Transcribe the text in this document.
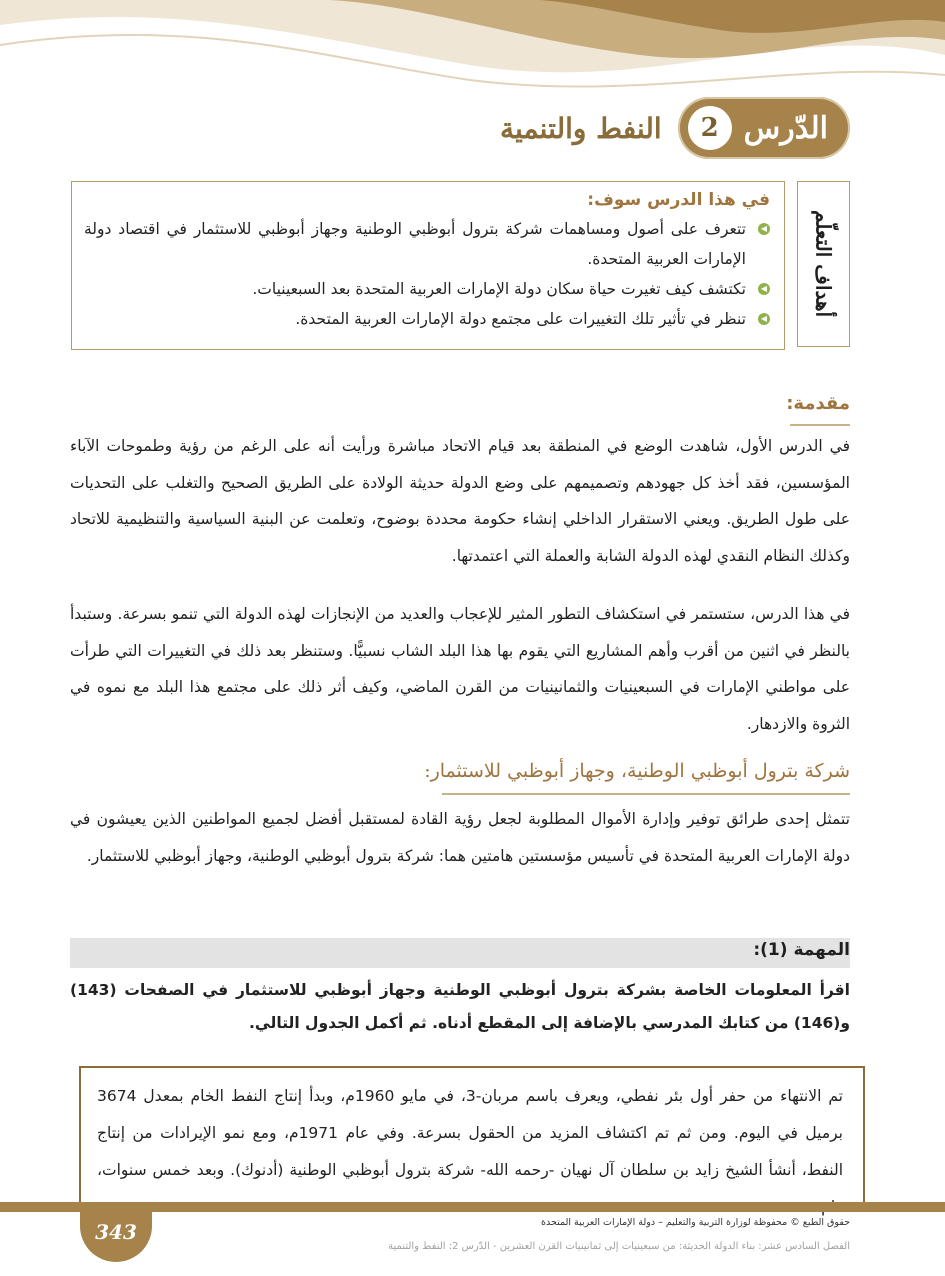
الدّرس
2
النفط والتنمية
أهداف التعلّم
في هذا الدرس سوف:
◀
تتعرف على أصول ومساهمات شركة بترول أبوظبي الوطنية وجهاز أبوظبي للاستثمار في اقتصاد دولة الإمارات العربية المتحدة.
◀
تكتشف كيف تغيرت حياة سكان دولة الإمارات العربية المتحدة بعد السبعينيات.
◀
تنظر في تأثير تلك التغييرات على مجتمع دولة الإمارات العربية المتحدة.
مقدمة:

في الدرس الأول، شاهدت الوضع في المنطقة بعد قيام الاتحاد مباشرة ورأيت أنه على الرغم من رؤية وطموحات الآباء المؤسسين، فقد أخذ كل جهودهم وتصميمهم على وضع الدولة حديثة الولادة على الطريق الصحيح والتغلب على التحديات على طول الطريق. ويعني الاستقرار الداخلي إنشاء حكومة محددة بوضوح، وتعلمت عن البنية السياسية والتنظيمية للاتحاد وكذلك النظام النقدي لهذه الدولة الشابة والعملة التي اعتمدتها.

في هذا الدرس، ستستمر في استكشاف التطور المثير للإعجاب والعديد من الإنجازات لهذه الدولة التي تنمو بسرعة. وستبدأ بالنظر في اثنين من أقرب وأهم المشاريع التي يقوم بها هذا البلد الشاب نسبيًّا. وستنظر بعد ذلك في التغييرات التي طرأت على مواطني الإمارات في السبعينيات والثمانينيات من القرن الماضي، وكيف أثر ذلك على مجتمع هذا البلد مع نموه في الثروة والازدهار.

شركة بترول أبوظبي الوطنية، وجهاز أبوظبي للاستثمار:

تتمثل إحدى طرائق توفير وإدارة الأموال المطلوبة لجعل رؤية القادة لمستقبل أفضل لجميع المواطنين الذين يعيشون في دولة الإمارات العربية المتحدة في تأسيس مؤسستين هامتين هما: شركة بترول أبوظبي الوطنية، وجهاز أبوظبي للاستثمار.

المهمة (1):

اقرأ المعلومات الخاصة بشركة بترول أبوظبي الوطنية وجهاز أبوظبي للاستثمار في الصفحات (143) و(146) من كتابك المدرسي بالإضافة إلى المقطع أدناه. ثم أكمل الجدول التالي.

تم الانتهاء من حفر أول بئر نفطي، ويعرف باسم مربان-3، في مايو 1960م، وبدأ إنتاج النفط الخام بمعدل 3674 برميل في اليوم. ومن ثم تم اكتشاف المزيد من الحقول بسرعة. وفي عام 1971م، ومع نمو الإيرادات من إنتاج النفط، أنشأ الشيخ زايد بن سلطان آل نهيان -رحمه الله- شركة بترول أبوظبي الوطنية (أدنوك). وبعد خمس سنوات،

343	حقوق الطبع © محفوظة لوزارة التربية والتعليم – دولة الإمارات العربية المتحدة
الفصل السادس عشر: بناء الدولة الحديثة: من سبعينيات إلى ثمانينيات القرن العشرين - الدّرس 2: النفط والتنمية
